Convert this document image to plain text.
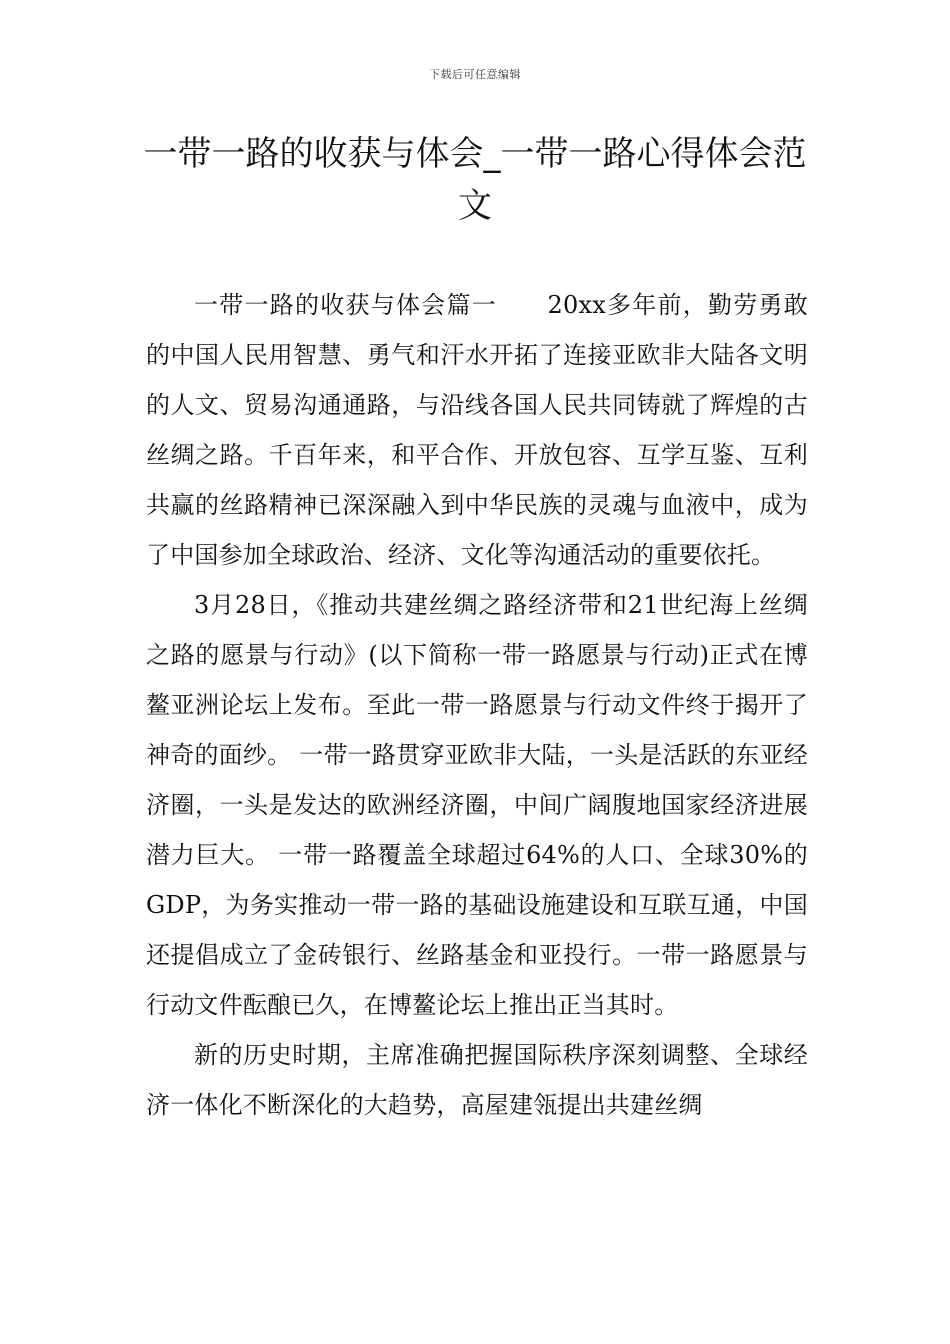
下载后可任意编辑
一带一路的收获与体会_一带一路心得体会范文

一带一路的收获与体会篇一　　20xx多年前，勤劳勇敢的中国人民用智慧、勇气和汗水开拓了连接亚欧非大陆各文明的人文、贸易沟通通路，与沿线各国人民共同铸就了辉煌的古丝绸之路。千百年来，和平合作、开放包容、互学互鉴、互利共赢的丝路精神已深深融入到中华民族的灵魂与血液中，成为了中国参加全球政治、经济、文化等沟通活动的重要依托。

3月28日，《推动共建丝绸之路经济带和21世纪海上丝绸之路的愿景与行动》(以下简称一带一路愿景与行动)正式在博鳌亚洲论坛上发布。至此一带一路愿景与行动文件终于揭开了神奇的面纱。 一带一路贯穿亚欧非大陆，一头是活跃的东亚经济圈，一头是发达的欧洲经济圈，中间广阔腹地国家经济进展潜力巨大。 一带一路覆盖全球超过64%的人口、全球30%的GDP，为务实推动一带一路的基础设施建设和互联互通，中国还提倡成立了金砖银行、丝路基金和亚投行。一带一路愿景与行动文件酝酿已久，在博鳌论坛上推出正当其时。

新的历史时期，主席准确把握国际秩序深刻调整、全球经济一体化不断深化的大趋势，高屋建瓴提出共建丝绸
